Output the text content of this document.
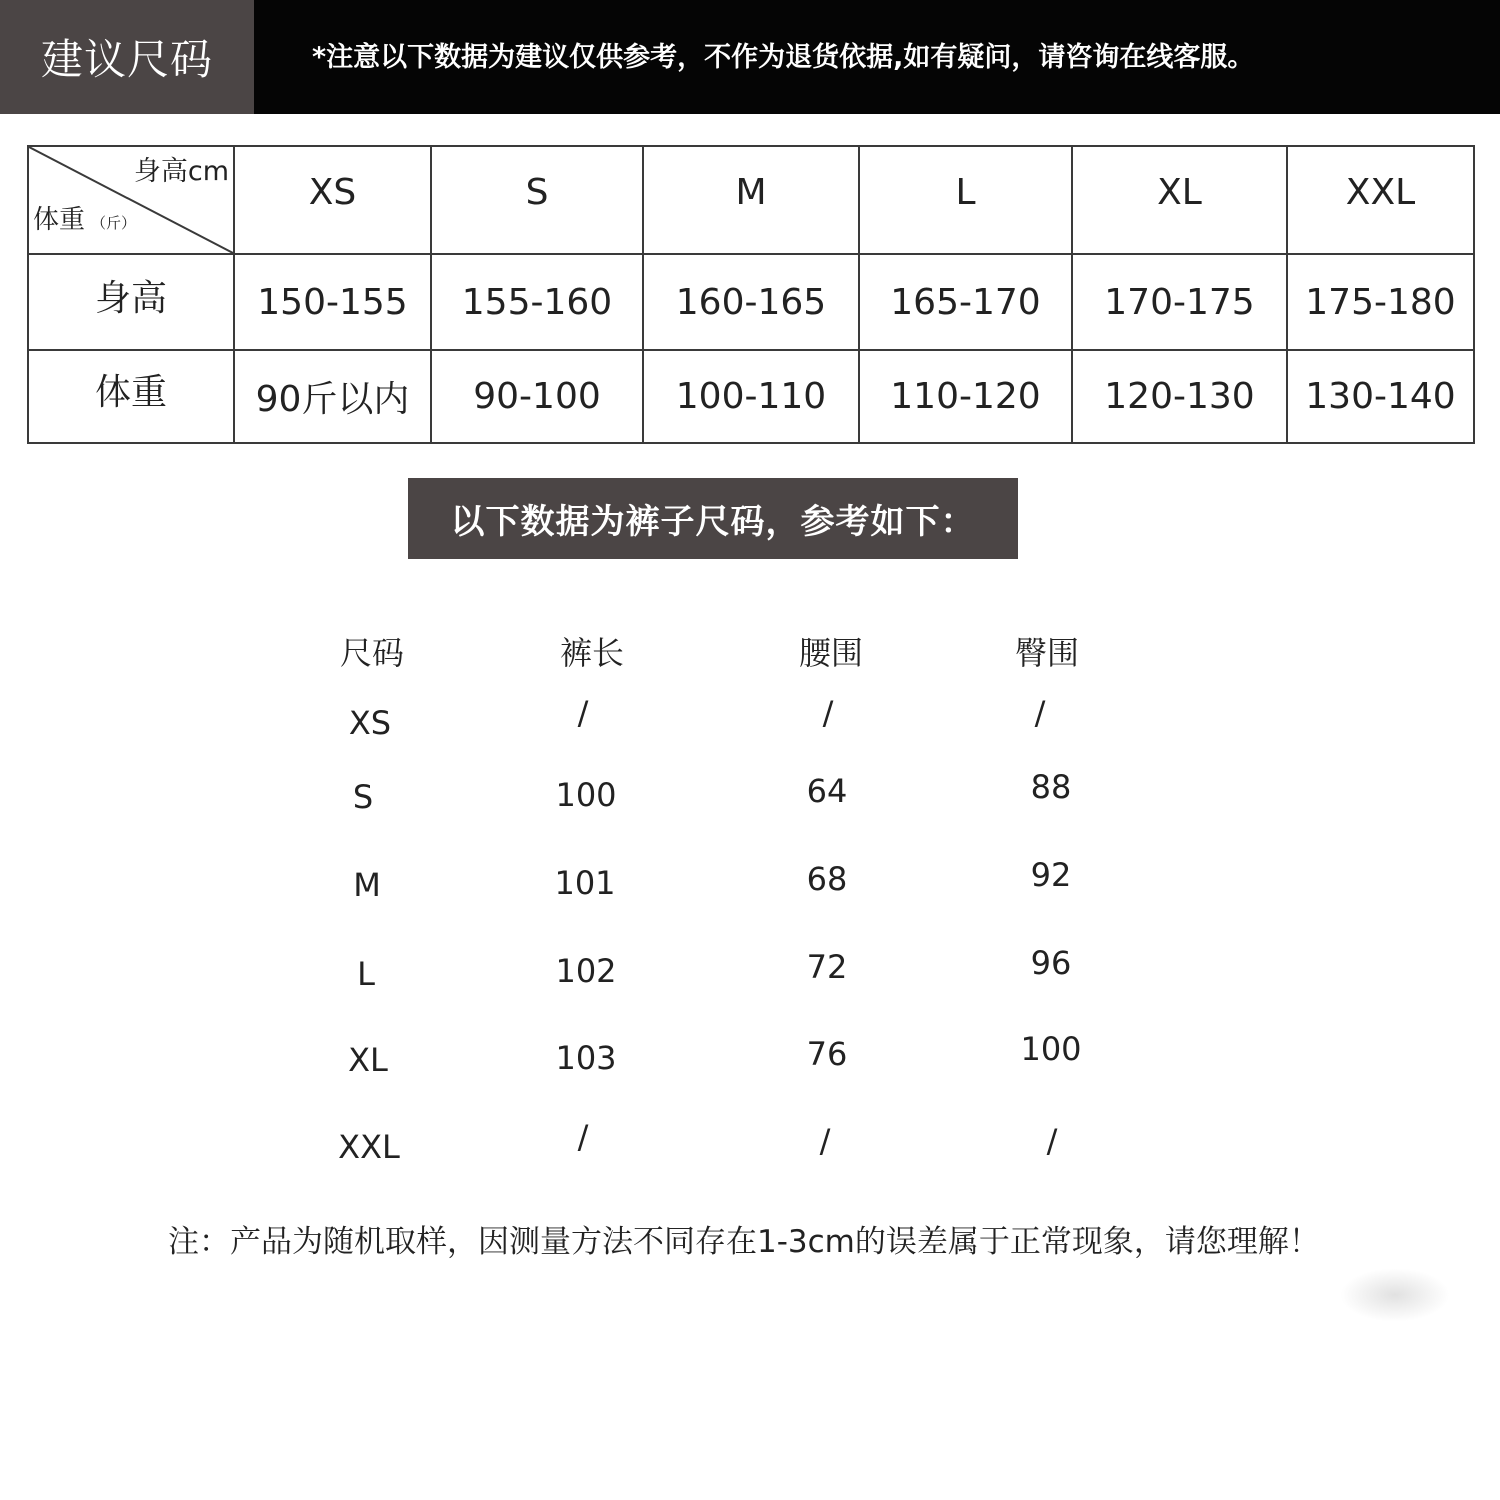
建议尺码	*注意以下数据为建议仅供参考，不作为退货依据,如有疑问，请咨询在线客服。
身高cm
体重 （斤）
XS	S	M	L	XL	XXL
身高	150-155	155-160	160-165	165-170	170-175	175-180
体重	90斤以内	90-100	100-110	110-120	120-130	130-140
以下数据为裤子尺码，参考如下：
尺码	裤长	腰围	臀围
XS	/	/	/
S	100	64	88
M	101	68	92
L	102	72	96
XL	103	76	100
XXL	/	/	/
注：产品为随机取样，因测量方法不同存在1-3cm的误差属于正常现象，请您理解！
